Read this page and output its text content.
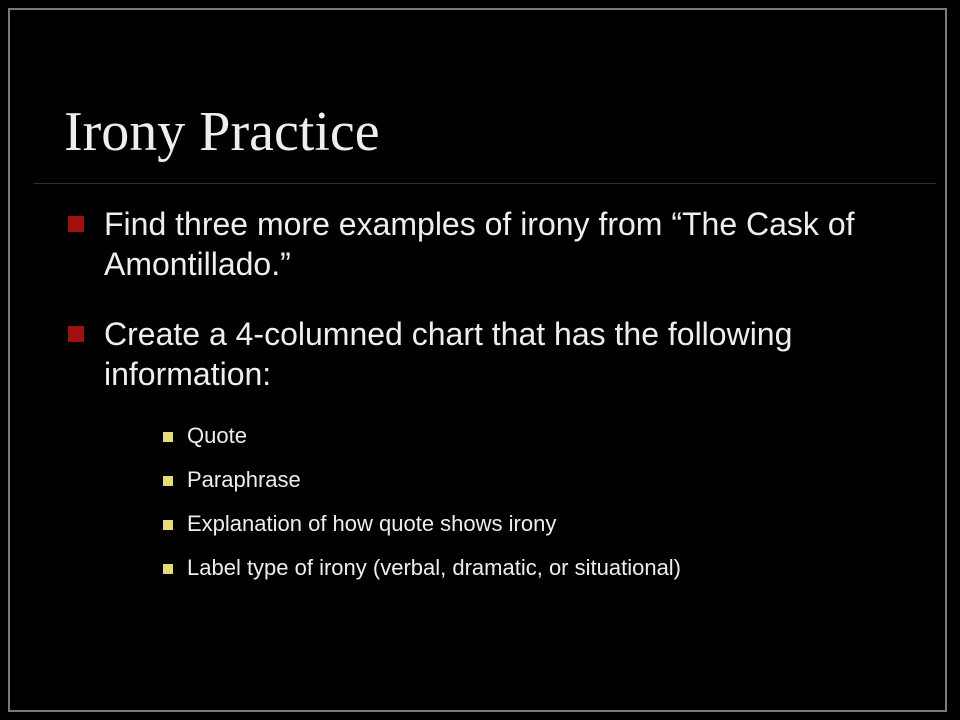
Irony Practice
Find three more examples of irony from “The Cask of Amontillado.”
Create a 4-columned chart that has the following information:
Quote
Paraphrase
Explanation of how quote shows irony
Label type of irony (verbal, dramatic, or situational)
